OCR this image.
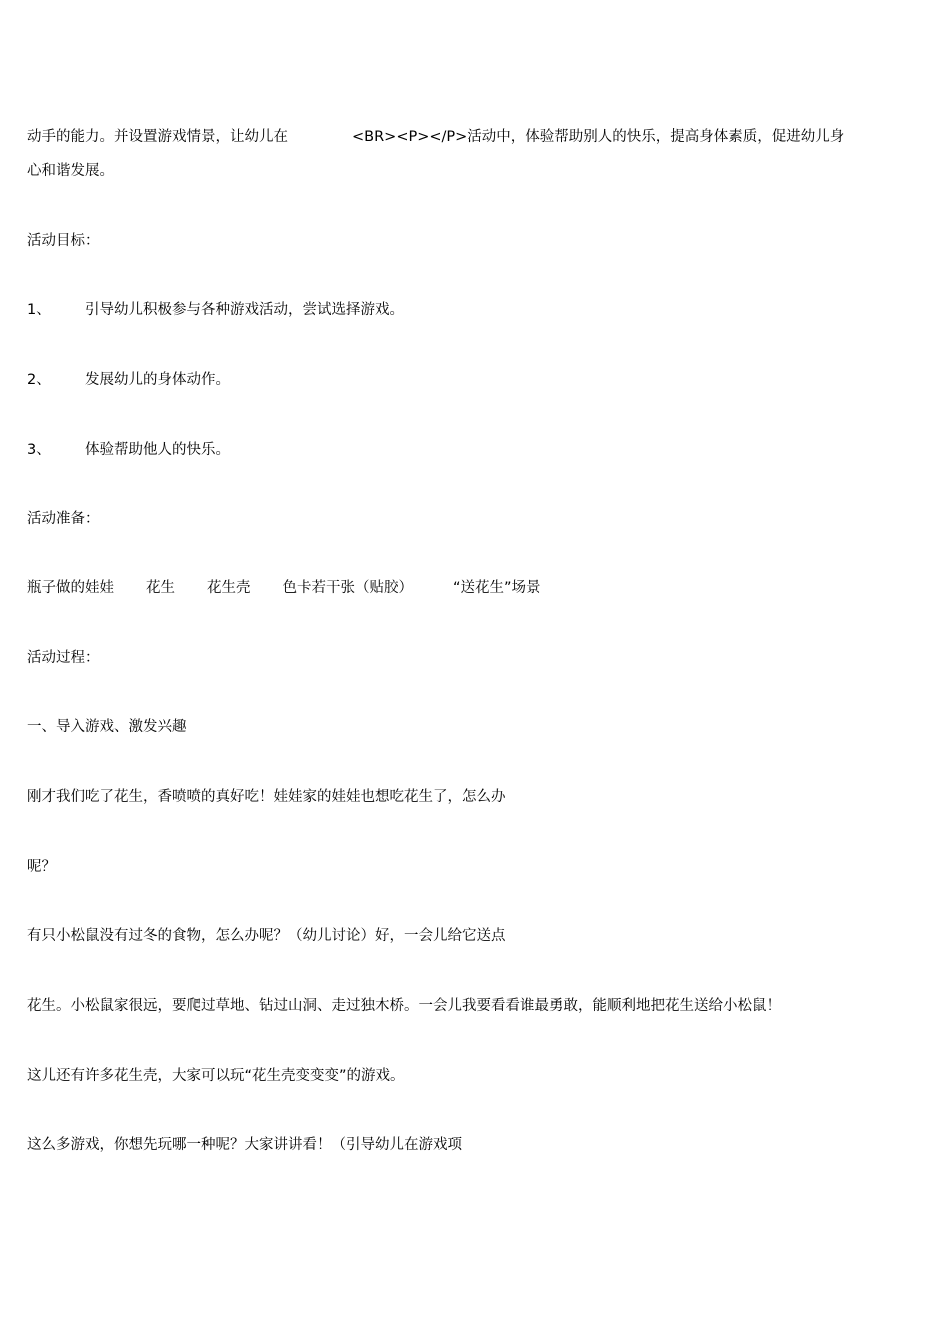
动手的能力。并设置游戏情景，让幼儿在	<BR><P></P>活动中，体验帮助别人的快乐，提高身体素质，促进幼儿身
心和谐发展。
活动目标：
1、 引导幼儿积极参与各种游戏活动，尝试选择游戏。
2、 发展幼儿的身体动作。
3、 体验帮助他人的快乐。
活动准备：
瓶子做的娃娃 花生 花生壳 色卡若干张（贴胶）	“送花生”场景
活动过程：
一、导入游戏、激发兴趣
刚才我们吃了花生，香喷喷的真好吃！娃娃家的娃娃也想吃花生了，怎么办
呢？
有只小松鼠没有过冬的食物，怎么办呢？（幼儿讨论）好，一会儿给它送点
花生。小松鼠家很远，要爬过草地、钻过山洞、走过独木桥。一会儿我要看看谁最勇敢，能顺利地把花生送给小松鼠！
这儿还有许多花生壳，大家可以玩“花生壳变变变”的游戏。
这么多游戏，你想先玩哪一种呢？大家讲讲看！（引导幼儿在游戏项
